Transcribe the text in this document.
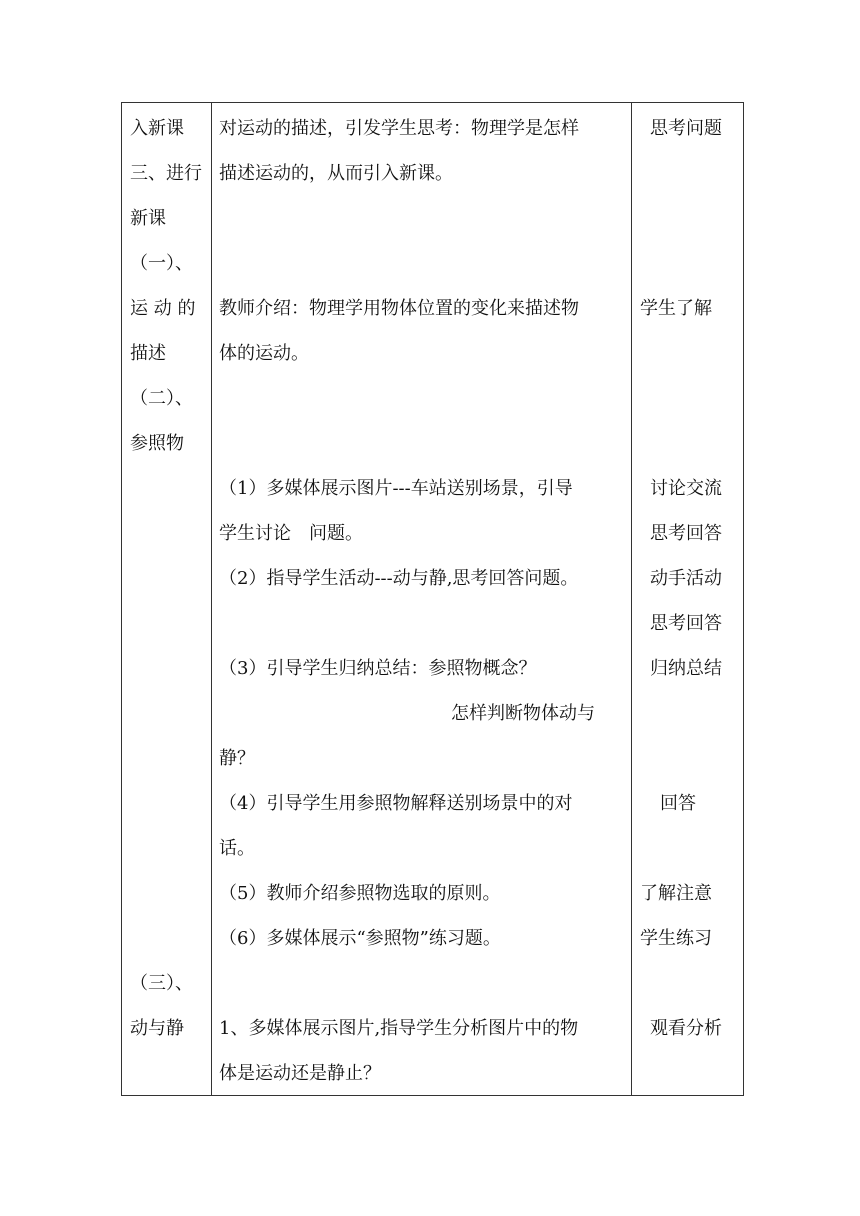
入新课
三、进行
新课
（一）、
运 动 的
描述
（二）、
参照物
（三）、
动与静
对运动的描述，引发学生思考：物理学是怎样
描述运动的，从而引入新课。
教师介绍：物理学用物体位置的变化来描述物
体的运动。
（1）多媒体展示图片---车站送别场景，引导
学生讨论　问题。
（2）指导学生活动---动与静,思考回答问题。
（3）引导学生归纳总结：参照物概念？
怎样判断物体动与
静？
（4）引导学生用参照物解释送别场景中的对
话。
（5）教师介绍参照物选取的原则。
（6）多媒体展示“参照物”练习题。
1、多媒体展示图片,指导学生分析图片中的物
体是运动还是静止？
思考问题
学生了解
讨论交流
思考回答
动手活动
思考回答
归纳总结
回答
了解注意
学生练习
观看分析
